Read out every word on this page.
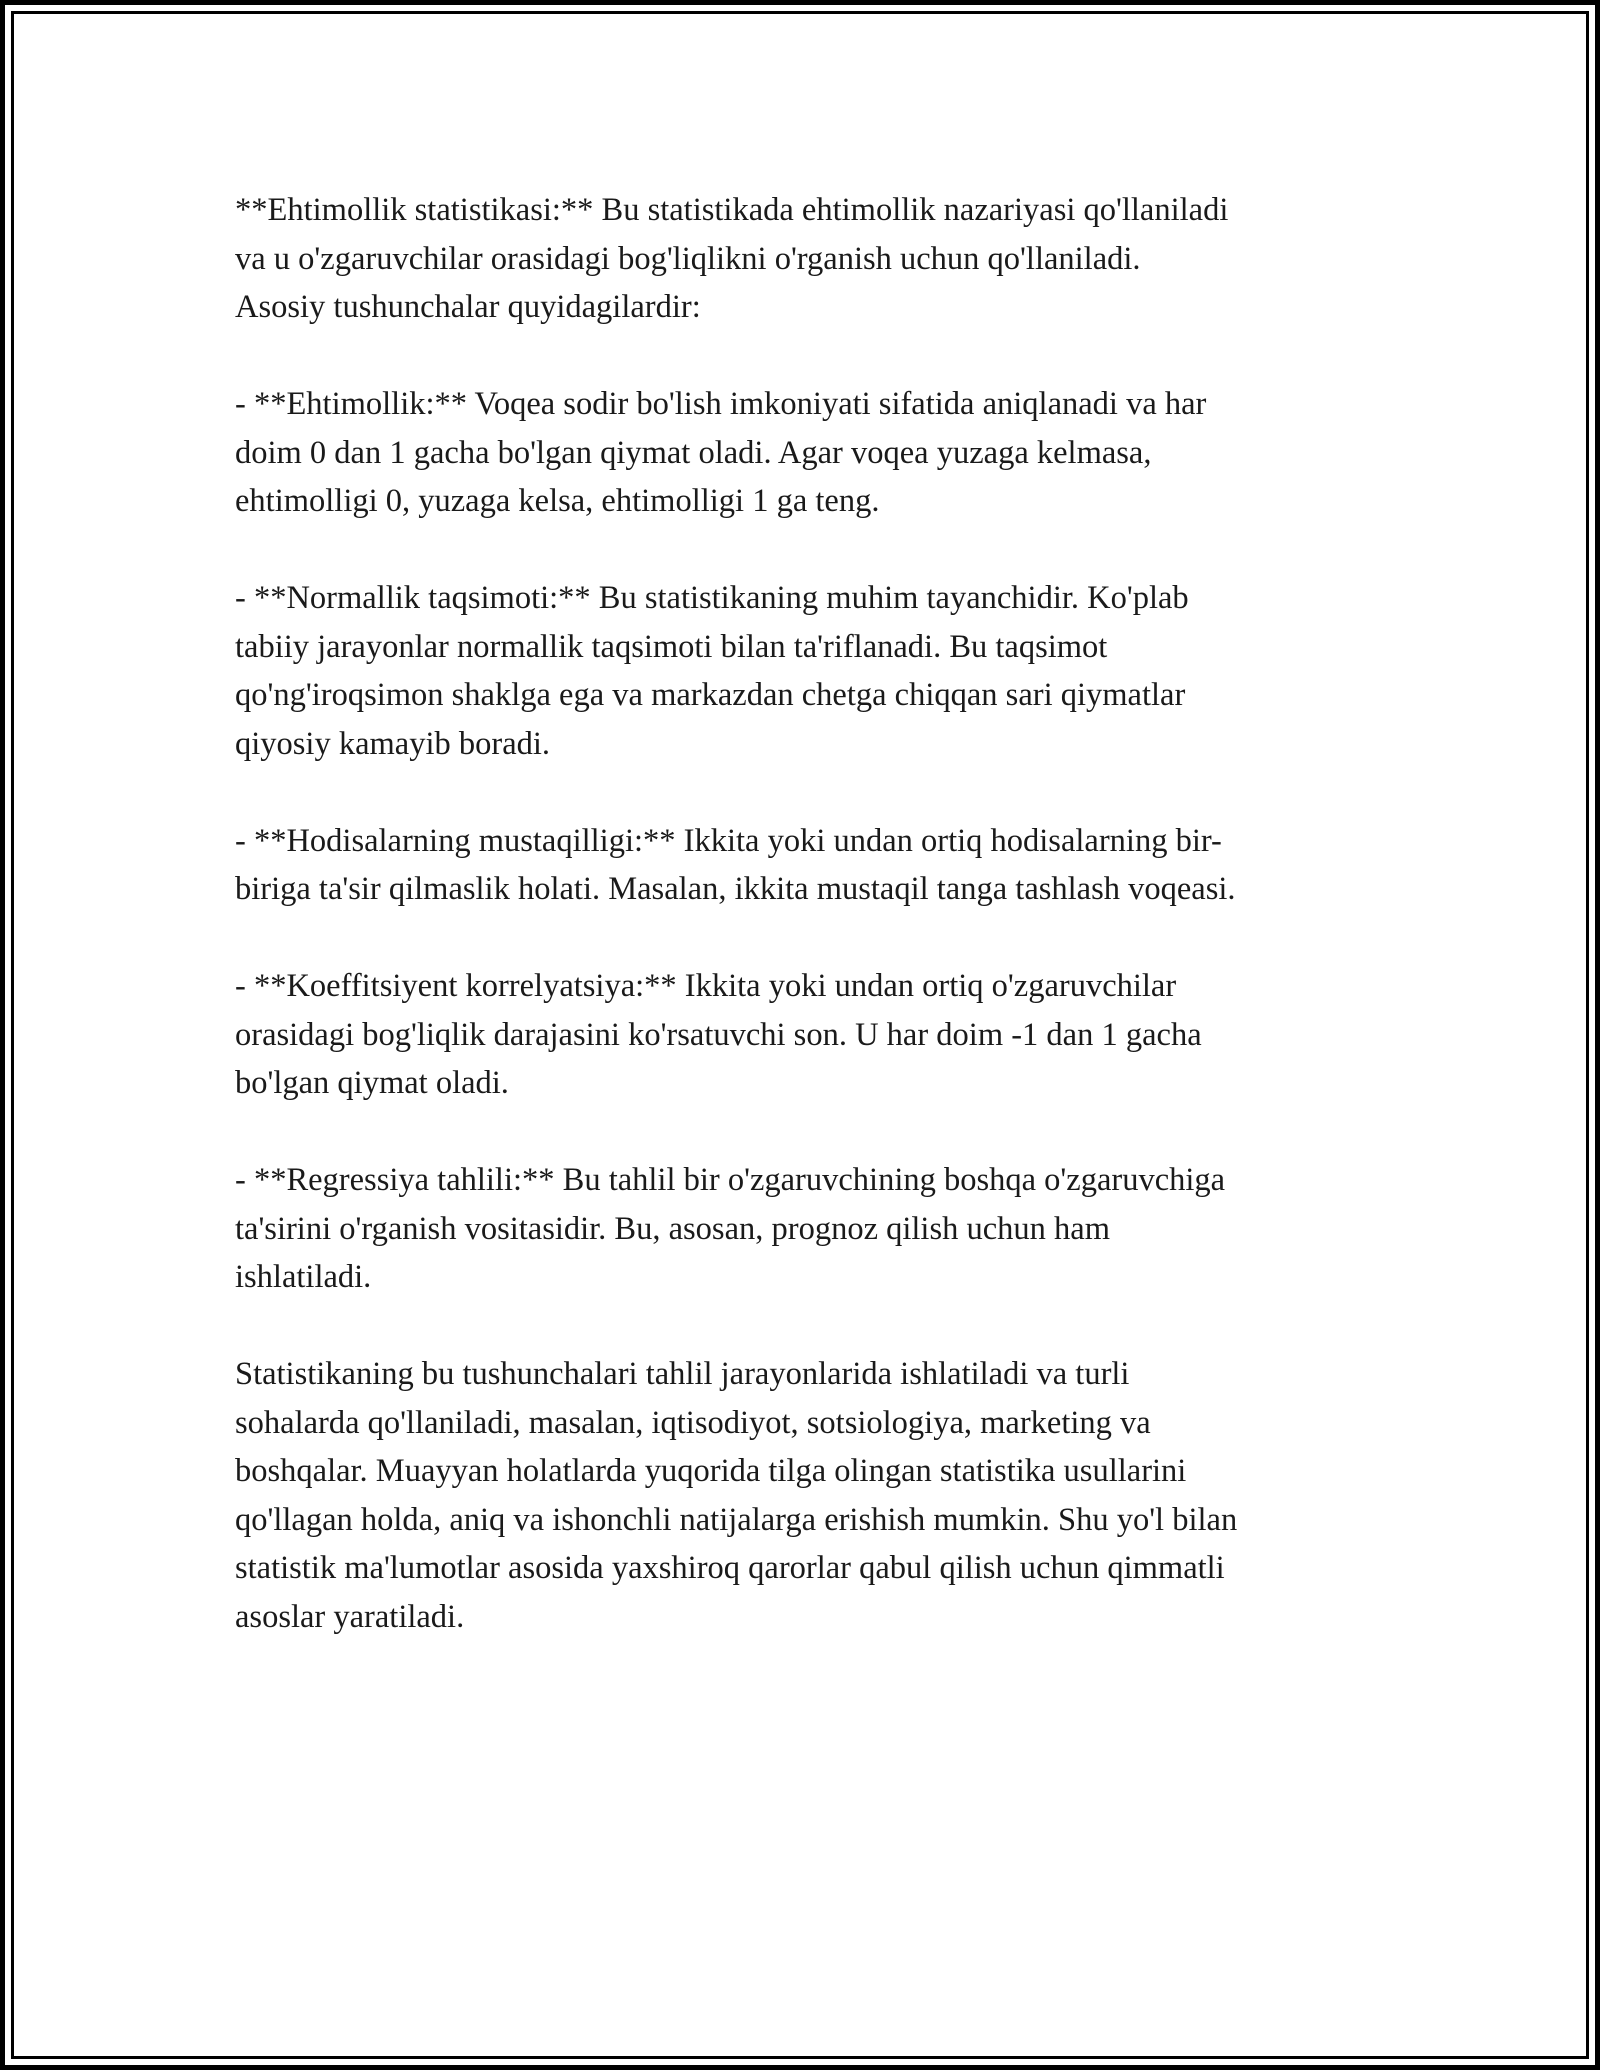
**Ehtimollik statistikasi:** Bu statistikada ehtimollik nazariyasi qo'llaniladi
va u o'zgaruvchilar orasidagi bog'liqlikni o'rganish uchun qo'llaniladi.
Asosiy tushunchalar quyidagilardir:

- **Ehtimollik:** Voqea sodir bo'lish imkoniyati sifatida aniqlanadi va har
doim 0 dan 1 gacha bo'lgan qiymat oladi. Agar voqea yuzaga kelmasa,
ehtimolligi 0, yuzaga kelsa, ehtimolligi 1 ga teng.

- **Normallik taqsimoti:** Bu statistikaning muhim tayanchidir. Ko'plab
tabiiy jarayonlar normallik taqsimoti bilan ta'riflanadi. Bu taqsimot
qo'ng'iroqsimon shaklga ega va markazdan chetga chiqqan sari qiymatlar
qiyosiy kamayib boradi.

- **Hodisalarning mustaqilligi:** Ikkita yoki undan ortiq hodisalarning bir-
biriga ta'sir qilmaslik holati. Masalan, ikkita mustaqil tanga tashlash voqeasi.

- **Koeffitsiyent korrelyatsiya:** Ikkita yoki undan ortiq o'zgaruvchilar
orasidagi bog'liqlik darajasini ko'rsatuvchi son. U har doim -1 dan 1 gacha
bo'lgan qiymat oladi.

- **Regressiya tahlili:** Bu tahlil bir o'zgaruvchining boshqa o'zgaruvchiga
ta'sirini o'rganish vositasidir. Bu, asosan, prognoz qilish uchun ham
ishlatiladi.

Statistikaning bu tushunchalari tahlil jarayonlarida ishlatiladi va turli
sohalarda qo'llaniladi, masalan, iqtisodiyot, sotsiologiya, marketing va
boshqalar. Muayyan holatlarda yuqorida tilga olingan statistika usullarini
qo'llagan holda, aniq va ishonchli natijalarga erishish mumkin. Shu yo'l bilan
statistik ma'lumotlar asosida yaxshiroq qarorlar qabul qilish uchun qimmatli
asoslar yaratiladi.
